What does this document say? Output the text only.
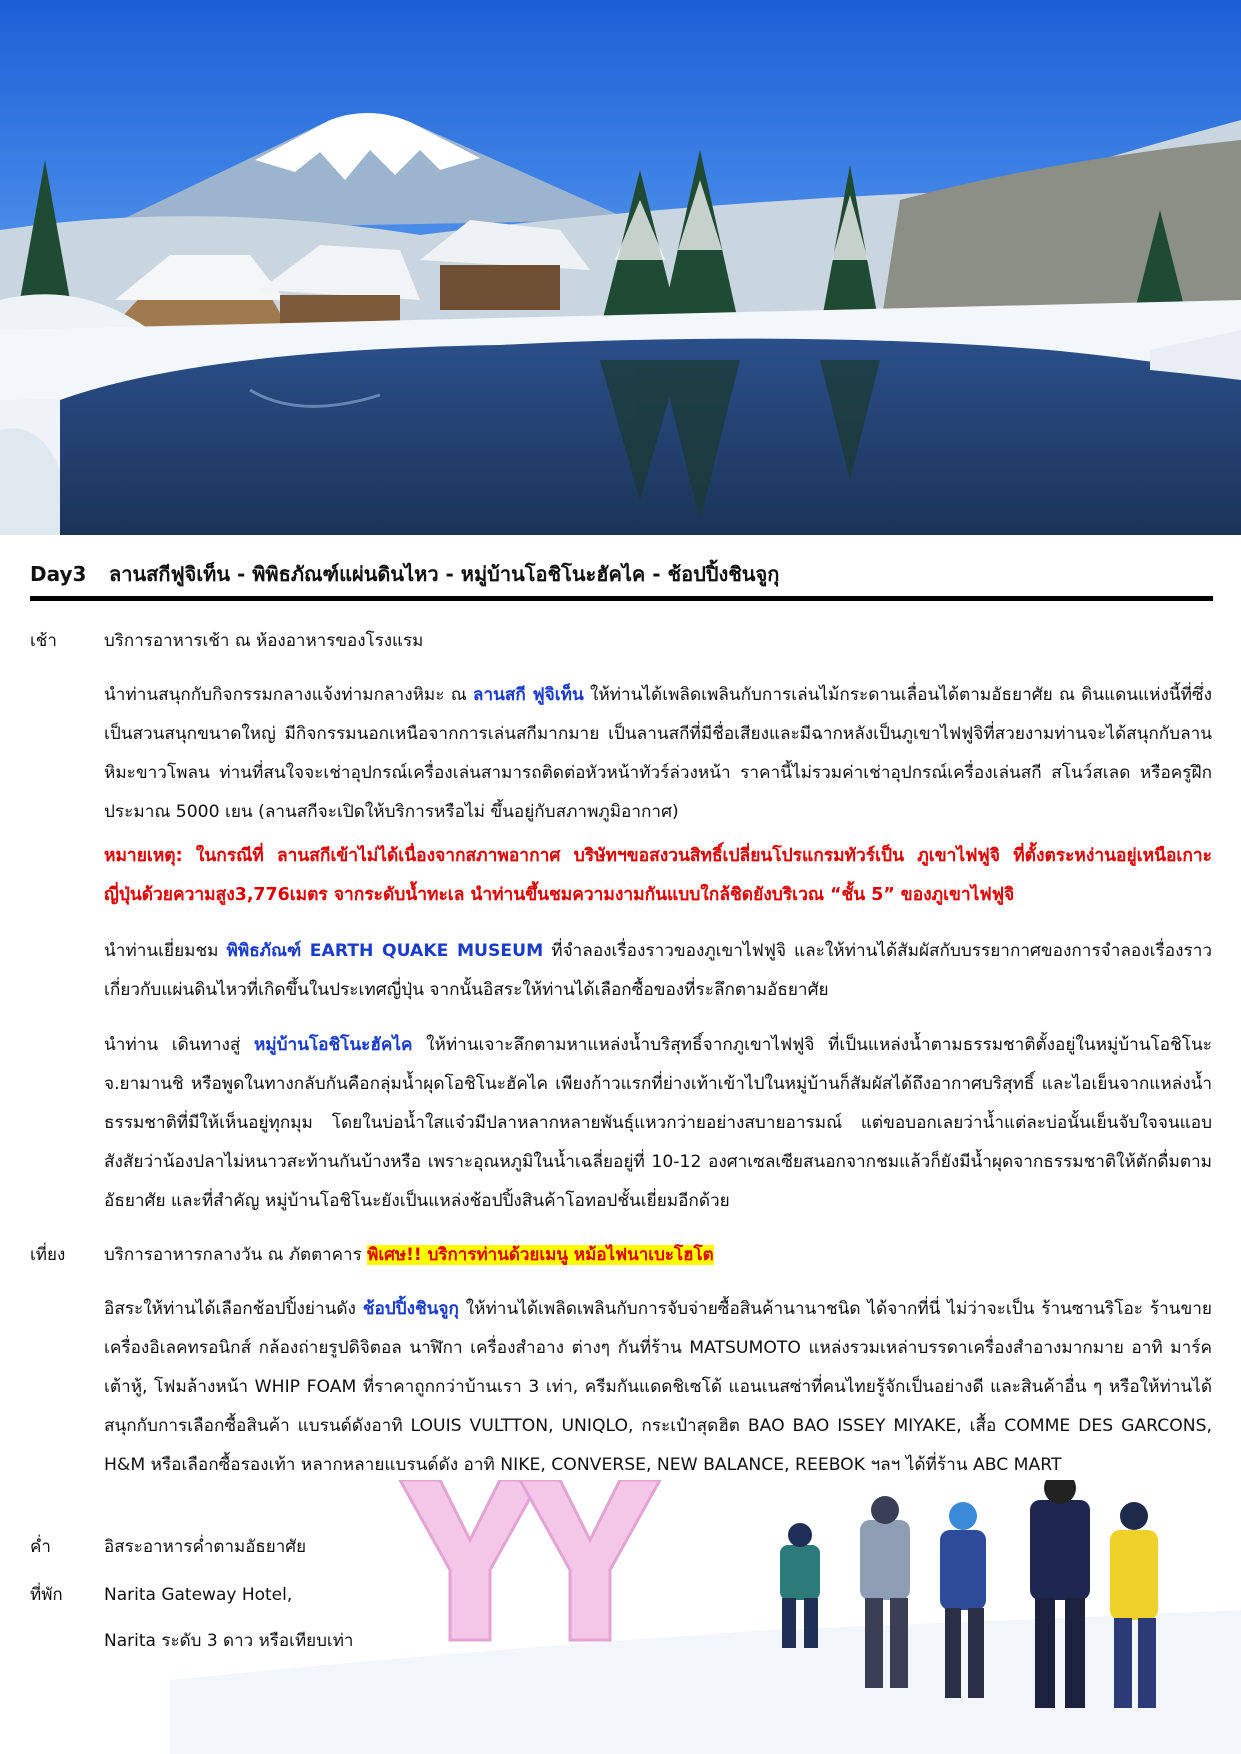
Day3 ลานสกีฟูจิเท็น - พิพิธภัณฑ์แผ่นดินไหว - หมู่บ้านโอชิโนะฮัคไค - ช้อปปิ้งชินจูกุ
เช้า	บริการอาหารเช้า ณ ห้องอาหารของโรงแรม
นำท่านสนุกกับกิจกรรมกลางแจ้งท่ามกลางหิมะ ณ ลานสกี ฟูจิเท็น ให้ท่านได้เพลิดเพลินกับการเล่นไม้กระดานเลื่อนได้ตามอัธยาศัย ณ ดินแดนแห่งนี้ที่ซึ่งเป็นสวนสนุกขนาดใหญ่ มีกิจกรรมนอกเหนือจากการเล่นสกีมากมาย เป็นลานสกีที่มีชื่อเสียงและมีฉากหลังเป็นภูเขาไฟฟูจิที่สวยงามท่านจะได้สนุกกับลานหิมะขาวโพลน ท่านที่สนใจจะเช่าอุปกรณ์เครื่องเล่นสามารถติดต่อหัวหน้าทัวร์ล่วงหน้า ราคานี้ไม่รวมค่าเช่าอุปกรณ์เครื่องเล่นสกี สโนว์สเลด หรือครูฝึก ประมาณ 5000 เยน (ลานสกีจะเปิดให้บริการหรือไม่ ขึ้นอยู่กับสภาพภูมิอากาศ)
หมายเหตุ: ในกรณีที่ ลานสกีเข้าไม่ได้เนื่องจากสภาพอากาศ บริษัทฯขอสงวนสิทธิ์เปลี่ยนโปรแกรมทัวร์เป็น ภูเขาไฟฟูจิ ที่ตั้งตระหง่านอยู่เหนือเกาะญี่ปุ่นด้วยความสูง3,776เมตร จากระดับน้ำทะเล นำท่านขึ้นชมความงามกันแบบใกล้ชิดยังบริเวณ “ชั้น 5” ของภูเขาไฟฟูจิ
นำท่านเยี่ยมชม พิพิธภัณฑ์ EARTH QUAKE MUSEUM ที่จำลองเรื่องราวของภูเขาไฟฟูจิ และให้ท่านได้สัมผัสกับบรรยากาศของการจำลองเรื่องราวเกี่ยวกับแผ่นดินไหวที่เกิดขึ้นในประเทศญี่ปุ่น จากนั้นอิสระให้ท่านได้เลือกซื้อของที่ระลึกตามอัธยาศัย
นำท่าน เดินทางสู่ หมู่บ้านโอชิโนะฮัคไค ให้ท่านเจาะลึกตามหาแหล่งน้ำบริสุทธิ์จากภูเขาไฟฟูจิ ที่เป็นแหล่งน้ำตามธรรมชาติตั้งอยู่ในหมู่บ้านโอชิโนะ จ.ยามานชิ หรือพูดในทางกลับกันคือกลุ่มน้ำผุดโอชิโนะฮัคไค เพียงก้าวแรกที่ย่างเท้าเข้าไปในหมู่บ้านก็สัมผัสได้ถึงอากาศบริสุทธิ์ และไอเย็นจากแหล่งน้ำธรรมชาติที่มีให้เห็นอยู่ทุกมุม โดยในบ่อน้ำใสแจ๋วมีปลาหลากหลายพันธุ์แหวกว่ายอย่างสบายอารมณ์ แต่ขอบอกเลยว่าน้ำแต่ละบ่อนั้นเย็นจับใจจนแอบสังสัยว่าน้องปลาไม่หนาวสะท้านกันบ้างหรือ เพราะอุณหภูมิในน้ำเฉลี่ยอยู่ที่ 10-12 องศาเซลเซียสนอกจากชมแล้วก็ยังมีน้ำผุดจากธรรมชาติให้ตักดื่มตามอัธยาศัย และที่สำคัญ หมู่บ้านโอชิโนะยังเป็นแหล่งช้อปปิ้งสินค้าโอทอปชั้นเยี่ยมอีกด้วย
เที่ยง	บริการอาหารกลางวัน ณ ภัตตาคาร พิเศษ!! บริการท่านด้วยเมนู หม้อไฟนาเบะโฮโต
อิสระให้ท่านได้เลือกช้อปปิ้งย่านดัง ช้อปปิ้งชินจูกุ ให้ท่านได้เพลิดเพลินกับการจับจ่ายซื้อสินค้านานาชนิด ได้จากที่นี่ ไม่ว่าจะเป็น ร้านซานริโอะ ร้านขายเครื่องอิเลคทรอนิกส์ กล้องถ่ายรูปดิจิตอล นาฬิกา เครื่องสำอาง ต่างๆ กันที่ร้าน MATSUMOTO แหล่งรวมเหล่าบรรดาเครื่องสำอางมากมาย อาทิ มาร์คเต้าหู้, โฟมล้างหน้า WHIP FOAM ที่ราคาถูกกว่าบ้านเรา 3 เท่า, ครีมกันแดดชิเซโด้ แอนเนสซ่าที่คนไทยรู้จักเป็นอย่างดี และสินค้าอื่น ๆ หรือให้ท่านได้สนุกกับการเลือกซื้อสินค้า แบรนด์ดังอาทิ LOUIS VULTTON, UNIQLO, กระเป๋าสุดฮิต BAO BAO ISSEY MIYAKE, เสื้อ COMME DES GARCONS, H&M หรือเลือกซื้อรองเท้า หลากหลายแบรนด์ดัง อาทิ NIKE, CONVERSE, NEW BALANCE, REEBOK ฯลฯ ได้ที่ร้าน ABC MART
ค่ำ	อิสระอาหารค่ำตามอัธยาศัย
ที่พัก	Narita Gateway Hotel,
Narita ระดับ 3 ดาว หรือเทียบเท่า
